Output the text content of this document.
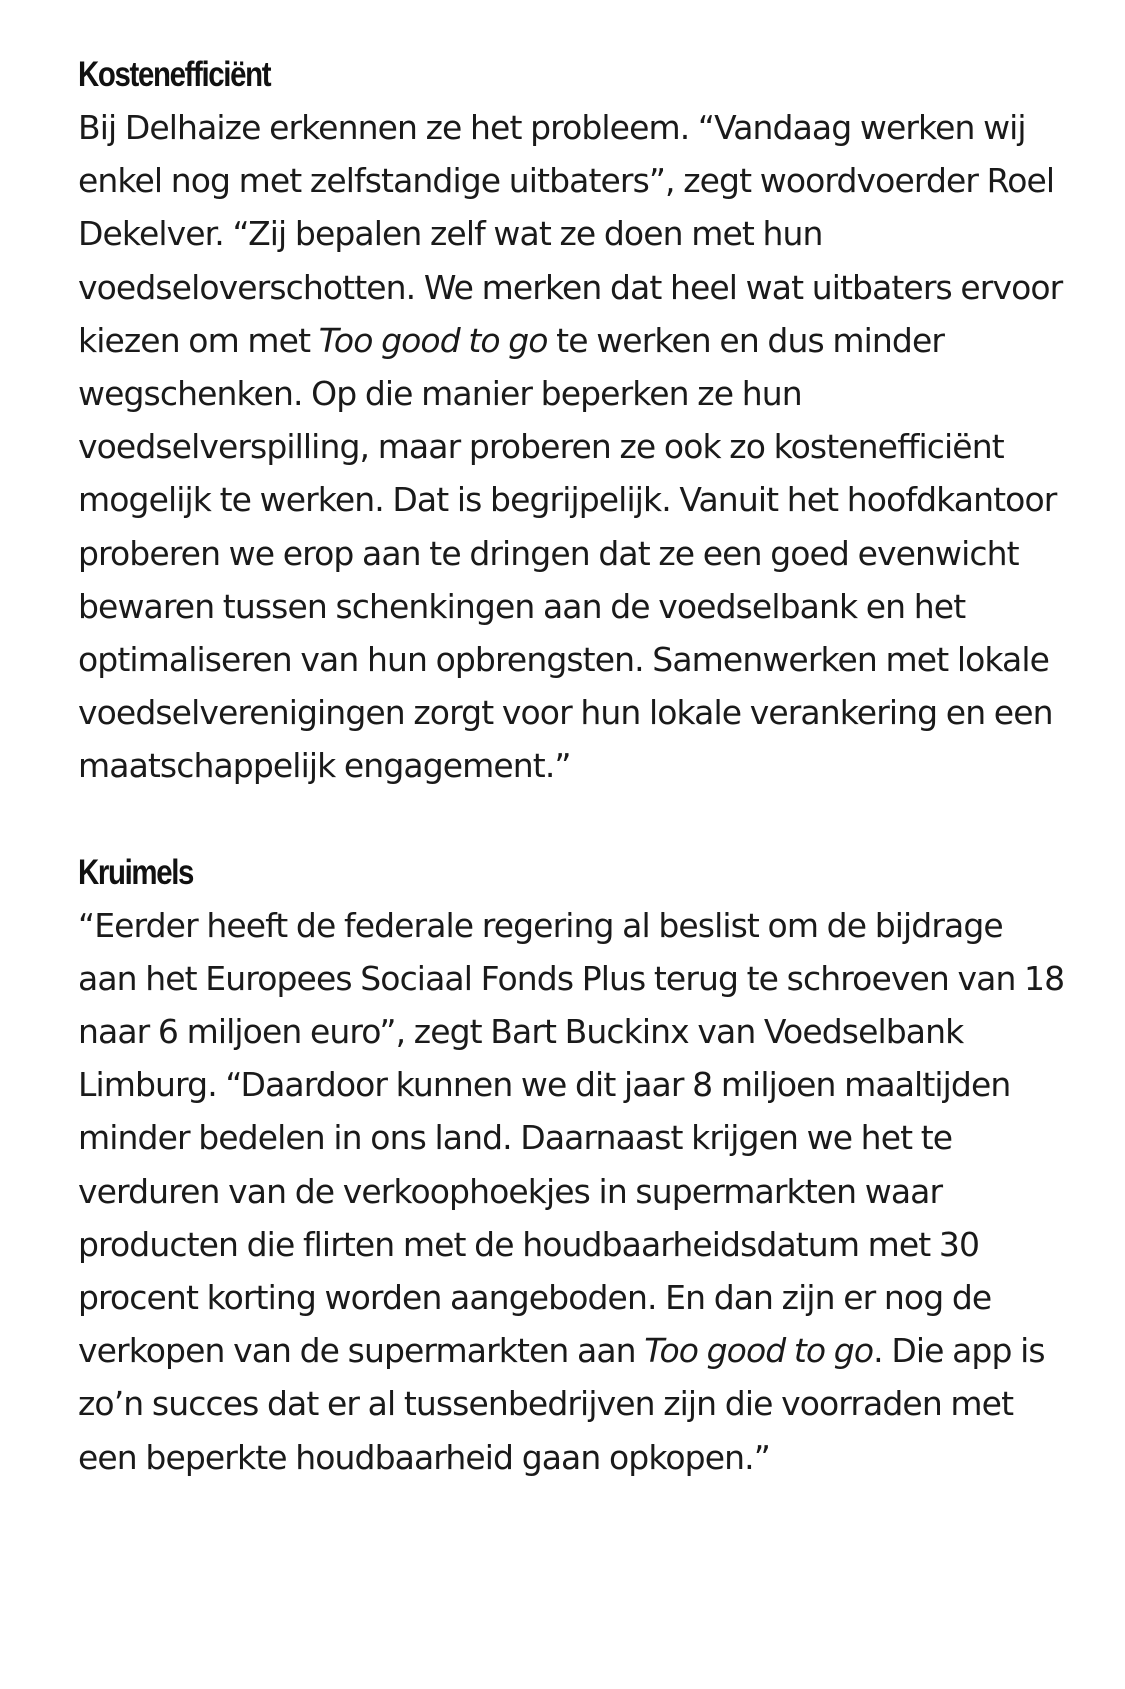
Kostenefficiënt

Bij Delhaize erkennen ze het probleem. “Vandaag werken wij enkel nog met zelfstandige uitbaters”, zegt woordvoerder Roel Dekelver. “Zij bepalen zelf wat ze doen met hun voedseloverschotten. We merken dat heel wat uitbaters ervoor kiezen om met Too good to go te werken en dus minder wegschenken. Op die manier beperken ze hun voedselverspilling, maar proberen ze ook zo kostenefficiënt mogelijk te werken. Dat is begrijpelijk. Vanuit het hoofdkantoor proberen we erop aan te dringen dat ze een goed evenwicht bewaren tussen schenkingen aan de voedselbank en het optimaliseren van hun opbrengsten. Samenwerken met lokale voedselverenigingen zorgt voor hun lokale verankering en een maatschappelijk engagement.”

Kruimels

“Eerder heeft de federale regering al beslist om de bijdrage aan het Europees Sociaal Fonds Plus terug te schroeven van 18 naar 6 miljoen euro”, zegt Bart Buckinx van Voedselbank Limburg. “Daardoor kunnen we dit jaar 8 miljoen maaltijden minder bedelen in ons land. Daarnaast krijgen we het te verduren van de verkoophoekjes in supermarkten waar producten die flirten met de houdbaarheidsdatum met 30 procent korting worden aangeboden. En dan zijn er nog de verkopen van de supermarkten aan Too good to go. Die app is zo’n succes dat er al tussenbedrijven zijn die voorraden met een beperkte houdbaarheid gaan opkopen.”
